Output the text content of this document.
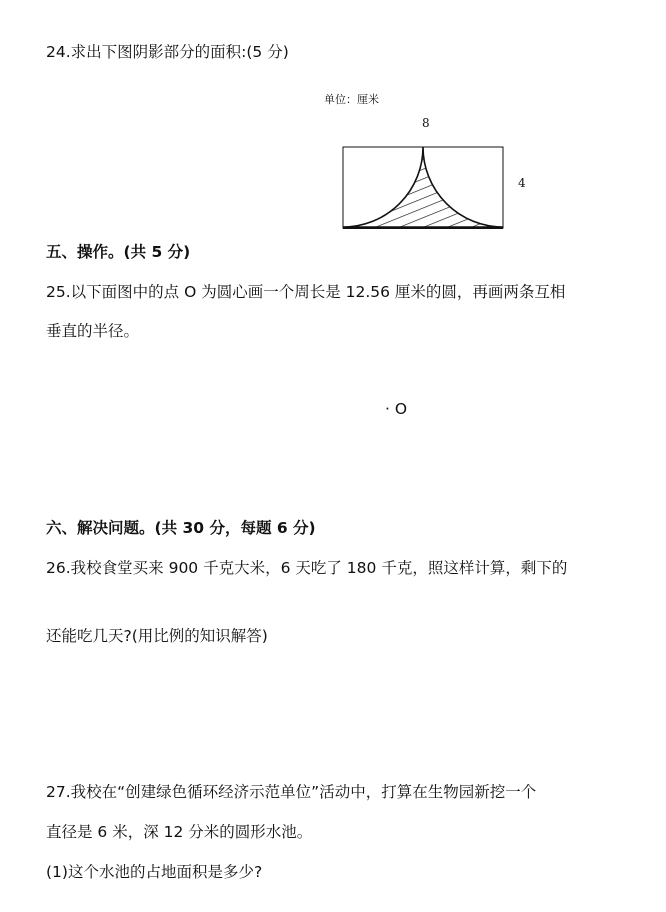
24.求出下图阴影部分的面积:(5 分)
单位：厘米
8
4
五、操作。(共 5 分)
25.以下面图中的点 O 为圆心画一个周长是 12.56 厘米的圆，再画两条互相
垂直的半径。
· O
六、解决问题。(共 30 分，每题 6 分)
26.我校食堂买来 900 千克大米，6 天吃了 180 千克，照这样计算，剩下的
还能吃几天?(用比例的知识解答)
27.我校在“创建绿色循环经济示范单位”活动中，打算在生物园新挖一个
直径是 6 米，深 12 分米的圆形水池。
(1)这个水池的占地面积是多少?
